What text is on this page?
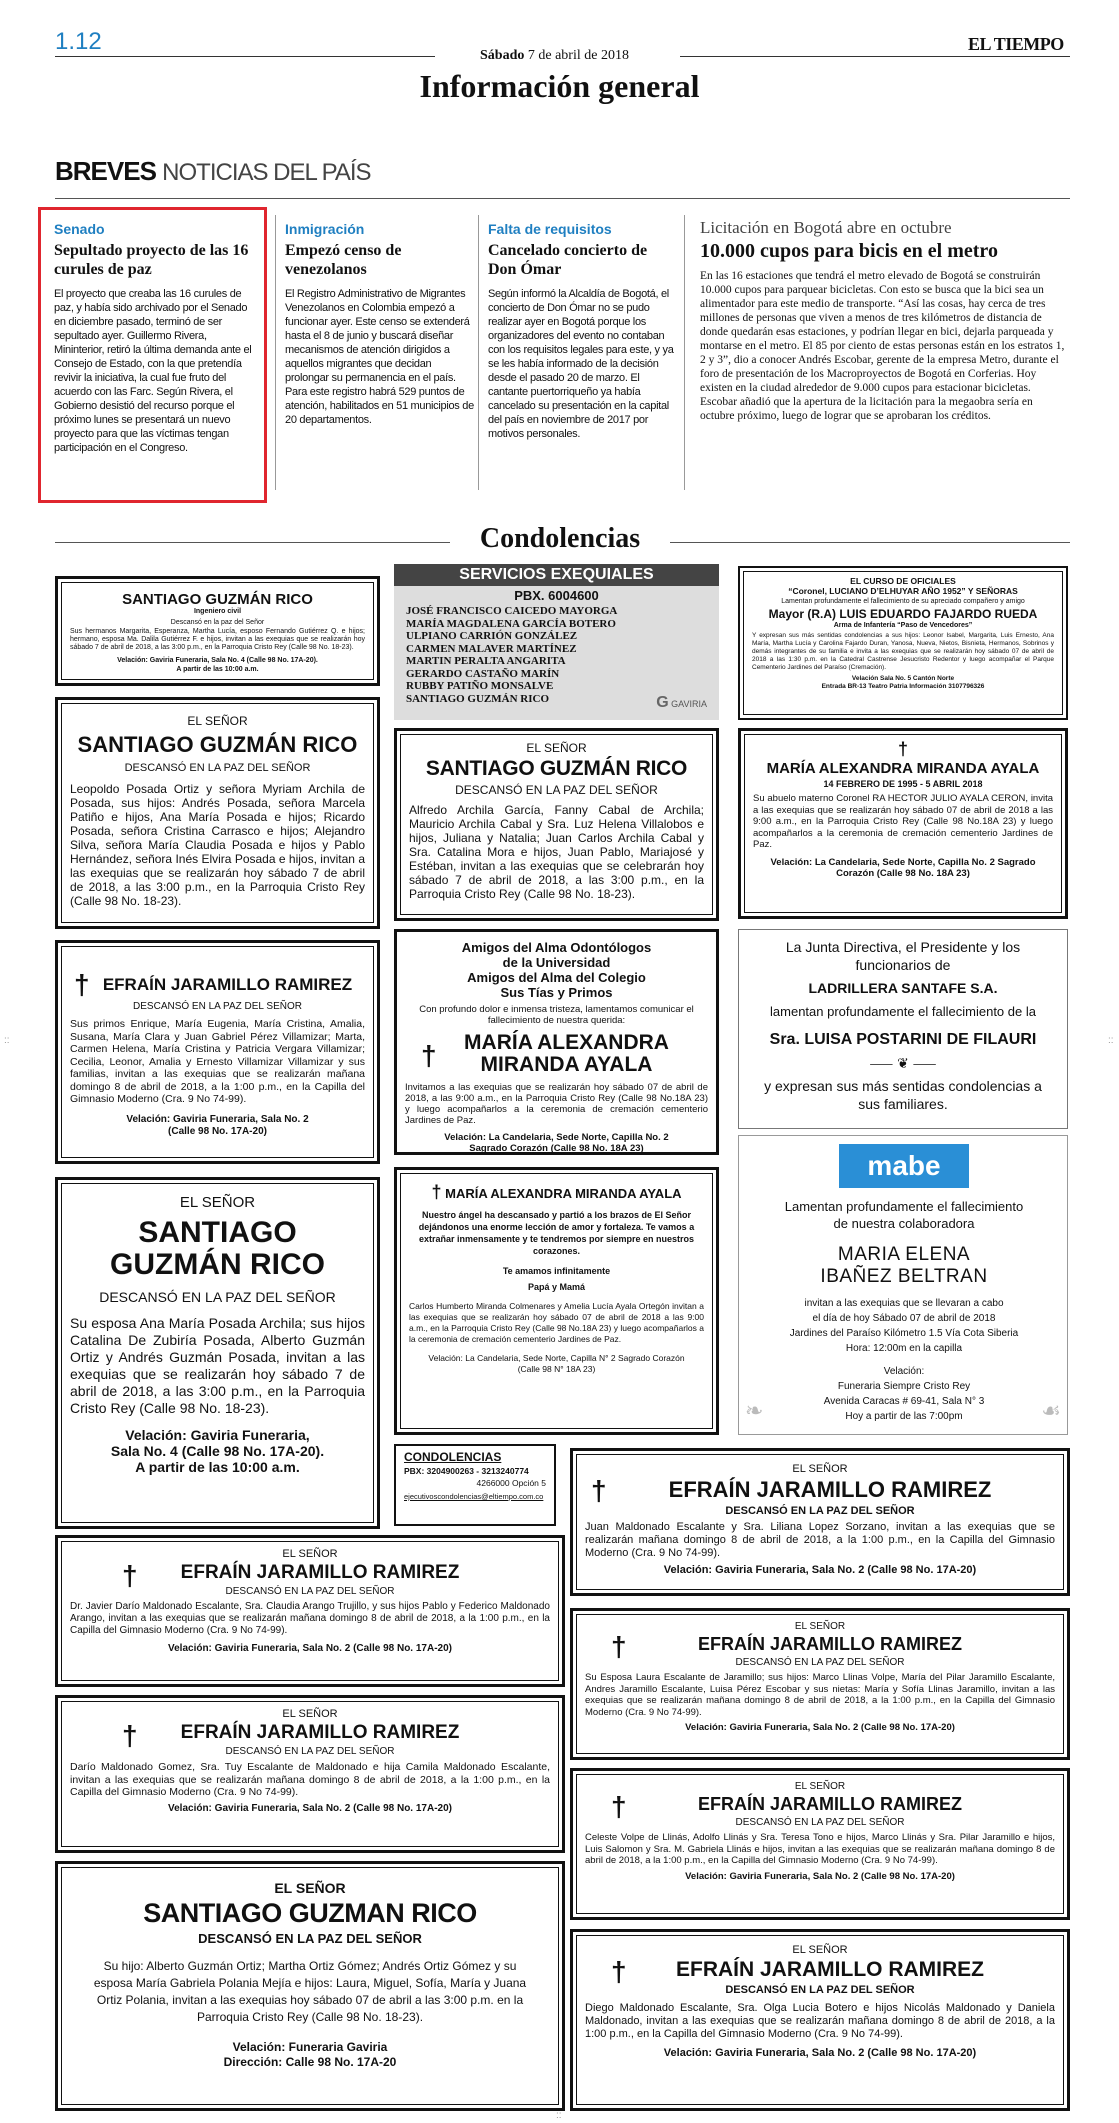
1.12
Sábado 7 de abril de 2018
EL TIEMPO
Información general
BREVES NOTICIAS DEL PAÍS
Senado
Sepultado proyecto de las 16 curules de paz
El proyecto que creaba las 16 curules de paz, y había sido archivado por el Senado en diciembre pasado, terminó de ser sepultado ayer. Guillermo Rivera, Mininterior, retiró la última demanda ante el Consejo de Estado, con la que pretendía revivir la iniciativa, la cual fue fruto del acuerdo con las Farc. Según Rivera, el Gobierno desistió del recurso porque el próximo lunes se presentará un nuevo proyecto para que las víctimas tengan participación en el Congreso.
Inmigración
Empezó censo de venezolanos
El Registro Administrativo de Migrantes Venezolanos en Colombia empezó a funcionar ayer. Este censo se extenderá hasta el 8 de junio y buscará diseñar mecanismos de atención dirigidos a aquellos migrantes que decidan prolongar su permanencia en el país. Para este registro habrá 529 puntos de atención, habilitados en 51 municipios de 20 departamentos.
Falta de requisitos
Cancelado concierto de Don Ómar
Según informó la Alcaldía de Bogotá, el concierto de Don Ómar no se pudo realizar ayer en Bogotá porque los organizadores del evento no contaban con los requisitos legales para este, y ya se les había informado de la decisión desde el pasado 20 de marzo. El cantante puertorriqueño ya había cancelado su presentación en la capital del país en noviembre de 2017 por motivos personales.
Licitación en Bogotá abre en octubre
10.000 cupos para bicis en el metro
En las 16 estaciones que tendrá el metro elevado de Bogotá se construirán 10.000 cupos para parquear bicicletas. Con esto se busca que la bici sea un alimentador para este medio de transporte. “Así las cosas, hay cerca de tres millones de personas que viven a menos de tres kilómetros de distancia de donde quedarán esas estaciones, y podrían llegar en bici, dejarla parqueada y montarse en el metro. El 85 por ciento de estas personas están en los estratos 1, 2 y 3”, dio a conocer Andrés Escobar, gerente de la empresa Metro, durante el foro de presentación de los Macroproyectos de Bogotá en Corferias. Hoy existen en la ciudad alrededor de 9.000 cupos para estacionar bicicletas. Escobar añadió que la apertura de la licitación para la megaobra sería en octubre próximo, luego de lograr que se aprobaran los créditos.
Condolencias
SANTIAGO GUZMÁN RICO
Ingeniero civil
Descansó en la paz del Señor
Sus hermanos Margarita, Esperanza, Martha Lucía, esposo Fernando Gutiérrez Q. e hijos; hermano, esposa Ma. Dalila Gutiérrez F. e hijos, invitan a las exequias que se realizarán hoy sábado 7 de abril de 2018, a las 3:00 p.m., en la Parroquia Cristo Rey (Calle 98 No. 18-23).
Velación: Gaviria Funeraria, Sala No. 4 (Calle 98 No. 17A-20).
A partir de las 10:00 a.m.
EL SEÑOR
SANTIAGO GUZMÁN RICO
DESCANSÓ EN LA PAZ DEL SEÑOR
Leopoldo Posada Ortiz y señora Myriam Archila de Posada, sus hijos: Andrés Posada, señora Marcela Patiño e hijos, Ana María Posada e hijos; Ricardo Posada, señora Cristina Carrasco e hijos; Alejandro Silva, señora María Claudia Posada e hijos y Pablo Hernández, señora Inés Elvira Posada e hijos, invitan a las exequias que se realizarán hoy sábado 7 de abril de 2018, a las 3:00 p.m., en la Parroquia Cristo Rey (Calle 98 No. 18-23).
† EFRAÍN JARAMILLO RAMIREZ
DESCANSÓ EN LA PAZ DEL SEÑOR
Sus primos Enrique, María Eugenia, María Cristina, Amalia, Susana, María Clara y Juan Gabriel Pérez Villamizar; Marta, Carmen Helena, María Cristina y Patricia Vergara Villamizar; Cecilia, Leonor, Amalia y Ernesto Villamizar Villamizar y sus familias, invitan a las exequias que se realizarán mañana domingo 8 de abril de 2018, a la 1:00 p.m., en la Capilla del Gimnasio Moderno (Cra. 9 No 74-99).
Velación: Gaviria Funeraria, Sala No. 2
(Calle 98 No. 17A-20)
EL SEÑOR
SANTIAGO
GUZMÁN RICO
DESCANSÓ EN LA PAZ DEL SEÑOR
Su esposa Ana María Posada Archila; sus hijos Catalina De Zubiría Posada, Alberto Guzmán Ortiz y Andrés Guzmán Posada, invitan a las exequias que se realizarán hoy sábado 7 de abril de 2018, a las 3:00 p.m., en la Parroquia Cristo Rey (Calle 98 No. 18-23).
Velación: Gaviria Funeraria,
Sala No. 4 (Calle 98 No. 17A-20).
A partir de las 10:00 a.m.
EL SEÑOR
†	EFRAÍN JARAMILLO RAMIREZ
DESCANSÓ EN LA PAZ DEL SEÑOR
Dr. Javier Darío Maldonado Escalante, Sra. Claudia Arango Trujillo, y sus hijos Pablo y Federico Maldonado Arango, invitan a las exequias que se realizarán mañana domingo 8 de abril de 2018, a la 1:00 p.m., en la Capilla del Gimnasio Moderno (Cra. 9 No 74-99).
Velación: Gaviria Funeraria, Sala No. 2 (Calle 98 No. 17A-20)
EL SEÑOR
†	EFRAÍN JARAMILLO RAMIREZ
DESCANSÓ EN LA PAZ DEL SEÑOR
Darío Maldonado Gomez, Sra. Tuy Escalante de Maldonado e hija Camila Maldonado Escalante, invitan a las exequias que se realizarán mañana domingo 8 de abril de 2018, a la 1:00 p.m., en la Capilla del Gimnasio Moderno (Cra. 9 No 74-99).
Velación: Gaviria Funeraria, Sala No. 2 (Calle 98 No. 17A-20)
EL SEÑOR
SANTIAGO GUZMAN RICO
DESCANSÓ EN LA PAZ DEL SEÑOR
Su hijo: Alberto Guzmán Ortiz; Martha Ortiz Gómez; Andrés Ortiz Gómez y su esposa María Gabriela Polania Mejía e hijos: Laura, Miguel, Sofía, María y Juana Ortiz Polania, invitan a las exequias hoy sábado 07 de abril a las 3:00 p.m. en la Parroquia Cristo Rey (Calle 98 No. 18-23).
Velación: Funeraria Gaviria
Dirección: Calle 98 No. 17A-20
SERVICIOS EXEQUIALES
PBX. 6004600
JOSÉ FRANCISCO CAICEDO MAYORGA
MARÍA MAGDALENA GARCÍA BOTERO
ULPIANO CARRIÓN GONZÁLEZ
CARMEN MALAVER MARTÍNEZ
MARTIN PERALTA ANGARITA
GERARDO CASTAÑO MARÍN
RUBBY PATIÑO MONSALVE
SANTIAGO GUZMÁN RICO	G GAVIRIA
EL SEÑOR
SANTIAGO GUZMÁN RICO
DESCANSÓ EN LA PAZ DEL SEÑOR
Alfredo Archila García, Fanny Cabal de Archila; Mauricio Archila Cabal y Sra. Luz Helena Villalobos e hijos, Juliana y Natalia; Juan Carlos Archila Cabal y Sra. Catalina Mora e hijos, Juan Pablo, Mariajosé y Estéban, invitan a las exequias que se celebrarán hoy sábado 7 de abril de 2018, a las 3:00 p.m., en la Parroquia Cristo Rey (Calle 98 No. 18-23).
Amigos del Alma Odontólogos
de la Universidad
Amigos del Alma del Colegio
Sus Tías y Primos
Con profundo dolor e inmensa tristeza, lamentamos comunicar el fallecimiento de nuestra querida:
†	MARÍA ALEXANDRA
MIRANDA AYALA
Invitamos a las exequias que se realizarán hoy sábado 07 de abril de 2018, a las 9:00 a.m., en la Parroquia Cristo Rey (Calle 98 No.18A 23) y luego acompañarlos a la ceremonia de cremación cementerio Jardines de Paz.
Velación: La Candelaria, Sede Norte, Capilla No. 2
Sagrado Corazón (Calle 98 No. 18A 23)
† MARÍA ALEXANDRA MIRANDA AYALA
Nuestro ángel ha descansado y partió a los brazos de El Señor dejándonos una enorme lección de amor y fortaleza. Te vamos a extrañar inmensamente y te tendremos por siempre en nuestros corazones.
Te amamos infinitamente
Papá y Mamá
Carlos Humberto Miranda Colmenares y Amelia Lucía Ayala Ortegón invitan a las exequias que se realizarán hoy sábado 07 de abril de 2018 a las 9:00 a.m., en la Parroquia Cristo Rey (Calle 98 No.18A 23) y luego acompañarlos a la ceremonia de cremación cementerio Jardines de Paz.
Velación: La Candelaria, Sede Norte, Capilla N° 2 Sagrado Corazón
(Calle 98 N° 18A 23)
CONDOLENCIAS
PBX: 3204900263 - 3213240774
4266000 Opción 5
ejecutivoscondolencias@eltiempo.com.co
EL CURSO DE OFICIALES
“Coronel, LUCIANO D’ELHUYAR AÑO 1952” Y SEÑORAS
Lamentan profundamente el fallecimiento de su apreciado compañero y amigo
Mayor (R.A) LUIS EDUARDO FAJARDO RUEDA
Arma de Infantería “Paso de Vencedores”
Y expresan sus más sentidas condolencias a sus hijos: Leonor Isabel, Margarita, Luis Ernesto, Ana María, Martha Lucía y Carolina Fajardo Duran, Yanosa, Nueva, Nietos, Bisnieta, Hermanos, Sobrinos y demás integrantes de su familia e invita a las exequias que se realizarán hoy sábado 07 de abril de 2018 a las 1:30 p.m. en la Catedral Castrense Jesucristo Redentor y luego acompañar el Parque Cementerio Jardines del Paraíso (Cremación).
Velación Sala No. 5 Cantón Norte
Entrada BR-13 Teatro Patria Información 3107796326
†
MARÍA ALEXANDRA MIRANDA AYALA
14 FEBRERO DE 1995 - 5 ABRIL 2018
Su abuelo materno Coronel RA HECTOR JULIO AYALA CERON, invita a las exequias que se realizarán hoy sábado 07 de abril de 2018 a las 9:00 a.m., en la Parroquia Cristo Rey (Calle 98 No.18A 23) y luego acompañarlos a la ceremonia de cremación cementerio Jardines de Paz.
Velación: La Candelaria, Sede Norte, Capilla No. 2 Sagrado Corazón (Calle 98 No. 18A 23)
La Junta Directiva, el Presidente y los funcionarios de
LADRILLERA SANTAFE S.A.
lamentan profundamente el fallecimiento de la
Sra. LUISA POSTARINI DE FILAURI
⸺ ❦ ⸺
y expresan sus más sentidas condolencias a sus familiares.
mabe
Lamentan profundamente el fallecimiento
de nuestra colaboradora
MARIA ELENA
IBAÑEZ BELTRAN
invitan a las exequias que se llevaran a cabo
el día de hoy Sábado 07 de abril de 2018
Jardines del Paraíso Kilómetro 1.5 Vía Cota Siberia
Hora: 12:00m en la capilla
Velación:
Funeraria Siempre Cristo Rey
Avenida Caracas # 69-41, Sala N° 3
Hoy a partir de las 7:00pm
❧	☙
EL SEÑOR
†	EFRAÍN JARAMILLO RAMIREZ
DESCANSÓ EN LA PAZ DEL SEÑOR
Juan Maldonado Escalante y Sra. Liliana Lopez Sorzano, invitan a las exequias que se realizarán mañana domingo 8 de abril de 2018, a la 1:00 p.m., en la Capilla del Gimnasio Moderno (Cra. 9 No 74-99).
Velación: Gaviria Funeraria, Sala No. 2 (Calle 98 No. 17A-20)
EL SEÑOR
†	EFRAÍN JARAMILLO RAMIREZ
DESCANSÓ EN LA PAZ DEL SEÑOR
Su Esposa Laura Escalante de Jaramillo; sus hijos: Marco Llinas Volpe, María del Pilar Jaramillo Escalante, Andres Jaramillo Escalante, Luisa Pérez Escobar y sus nietas: María y Sofía Llinas Jaramillo, invitan a las exequias que se realizarán mañana domingo 8 de abril de 2018, a la 1:00 p.m., en la Capilla del Gimnasio Moderno (Cra. 9 No 74-99).
Velación: Gaviria Funeraria, Sala No. 2 (Calle 98 No. 17A-20)
EL SEÑOR
†	EFRAÍN JARAMILLO RAMIREZ
DESCANSÓ EN LA PAZ DEL SEÑOR
Celeste Volpe de Llinás, Adolfo Llinás y Sra. Teresa Tono e hijos, Marco Llinás y Sra. Pilar Jaramillo e hijos, Luis Salomon y Sra. M. Gabriela Llinás e hijos, invitan a las exequias que se realizarán mañana domingo 8 de abril de 2018, a la 1:00 p.m., en la Capilla del Gimnasio Moderno (Cra. 9 No 74-99).
Velación: Gaviria Funeraria, Sala No. 2 (Calle 98 No. 17A-20)
EL SEÑOR
†	EFRAÍN JARAMILLO RAMIREZ
DESCANSÓ EN LA PAZ DEL SEÑOR
Diego Maldonado Escalante, Sra. Olga Lucia Botero e hijos Nicolás Maldonado y Daniela Maldonado, invitan a las exequias que se realizarán mañana domingo 8 de abril de 2018, a la 1:00 p.m., en la Capilla del Gimnasio Moderno (Cra. 9 No 74-99).
Velación: Gaviria Funeraria, Sala No. 2 (Calle 98 No. 17A-20)
::	::
::
